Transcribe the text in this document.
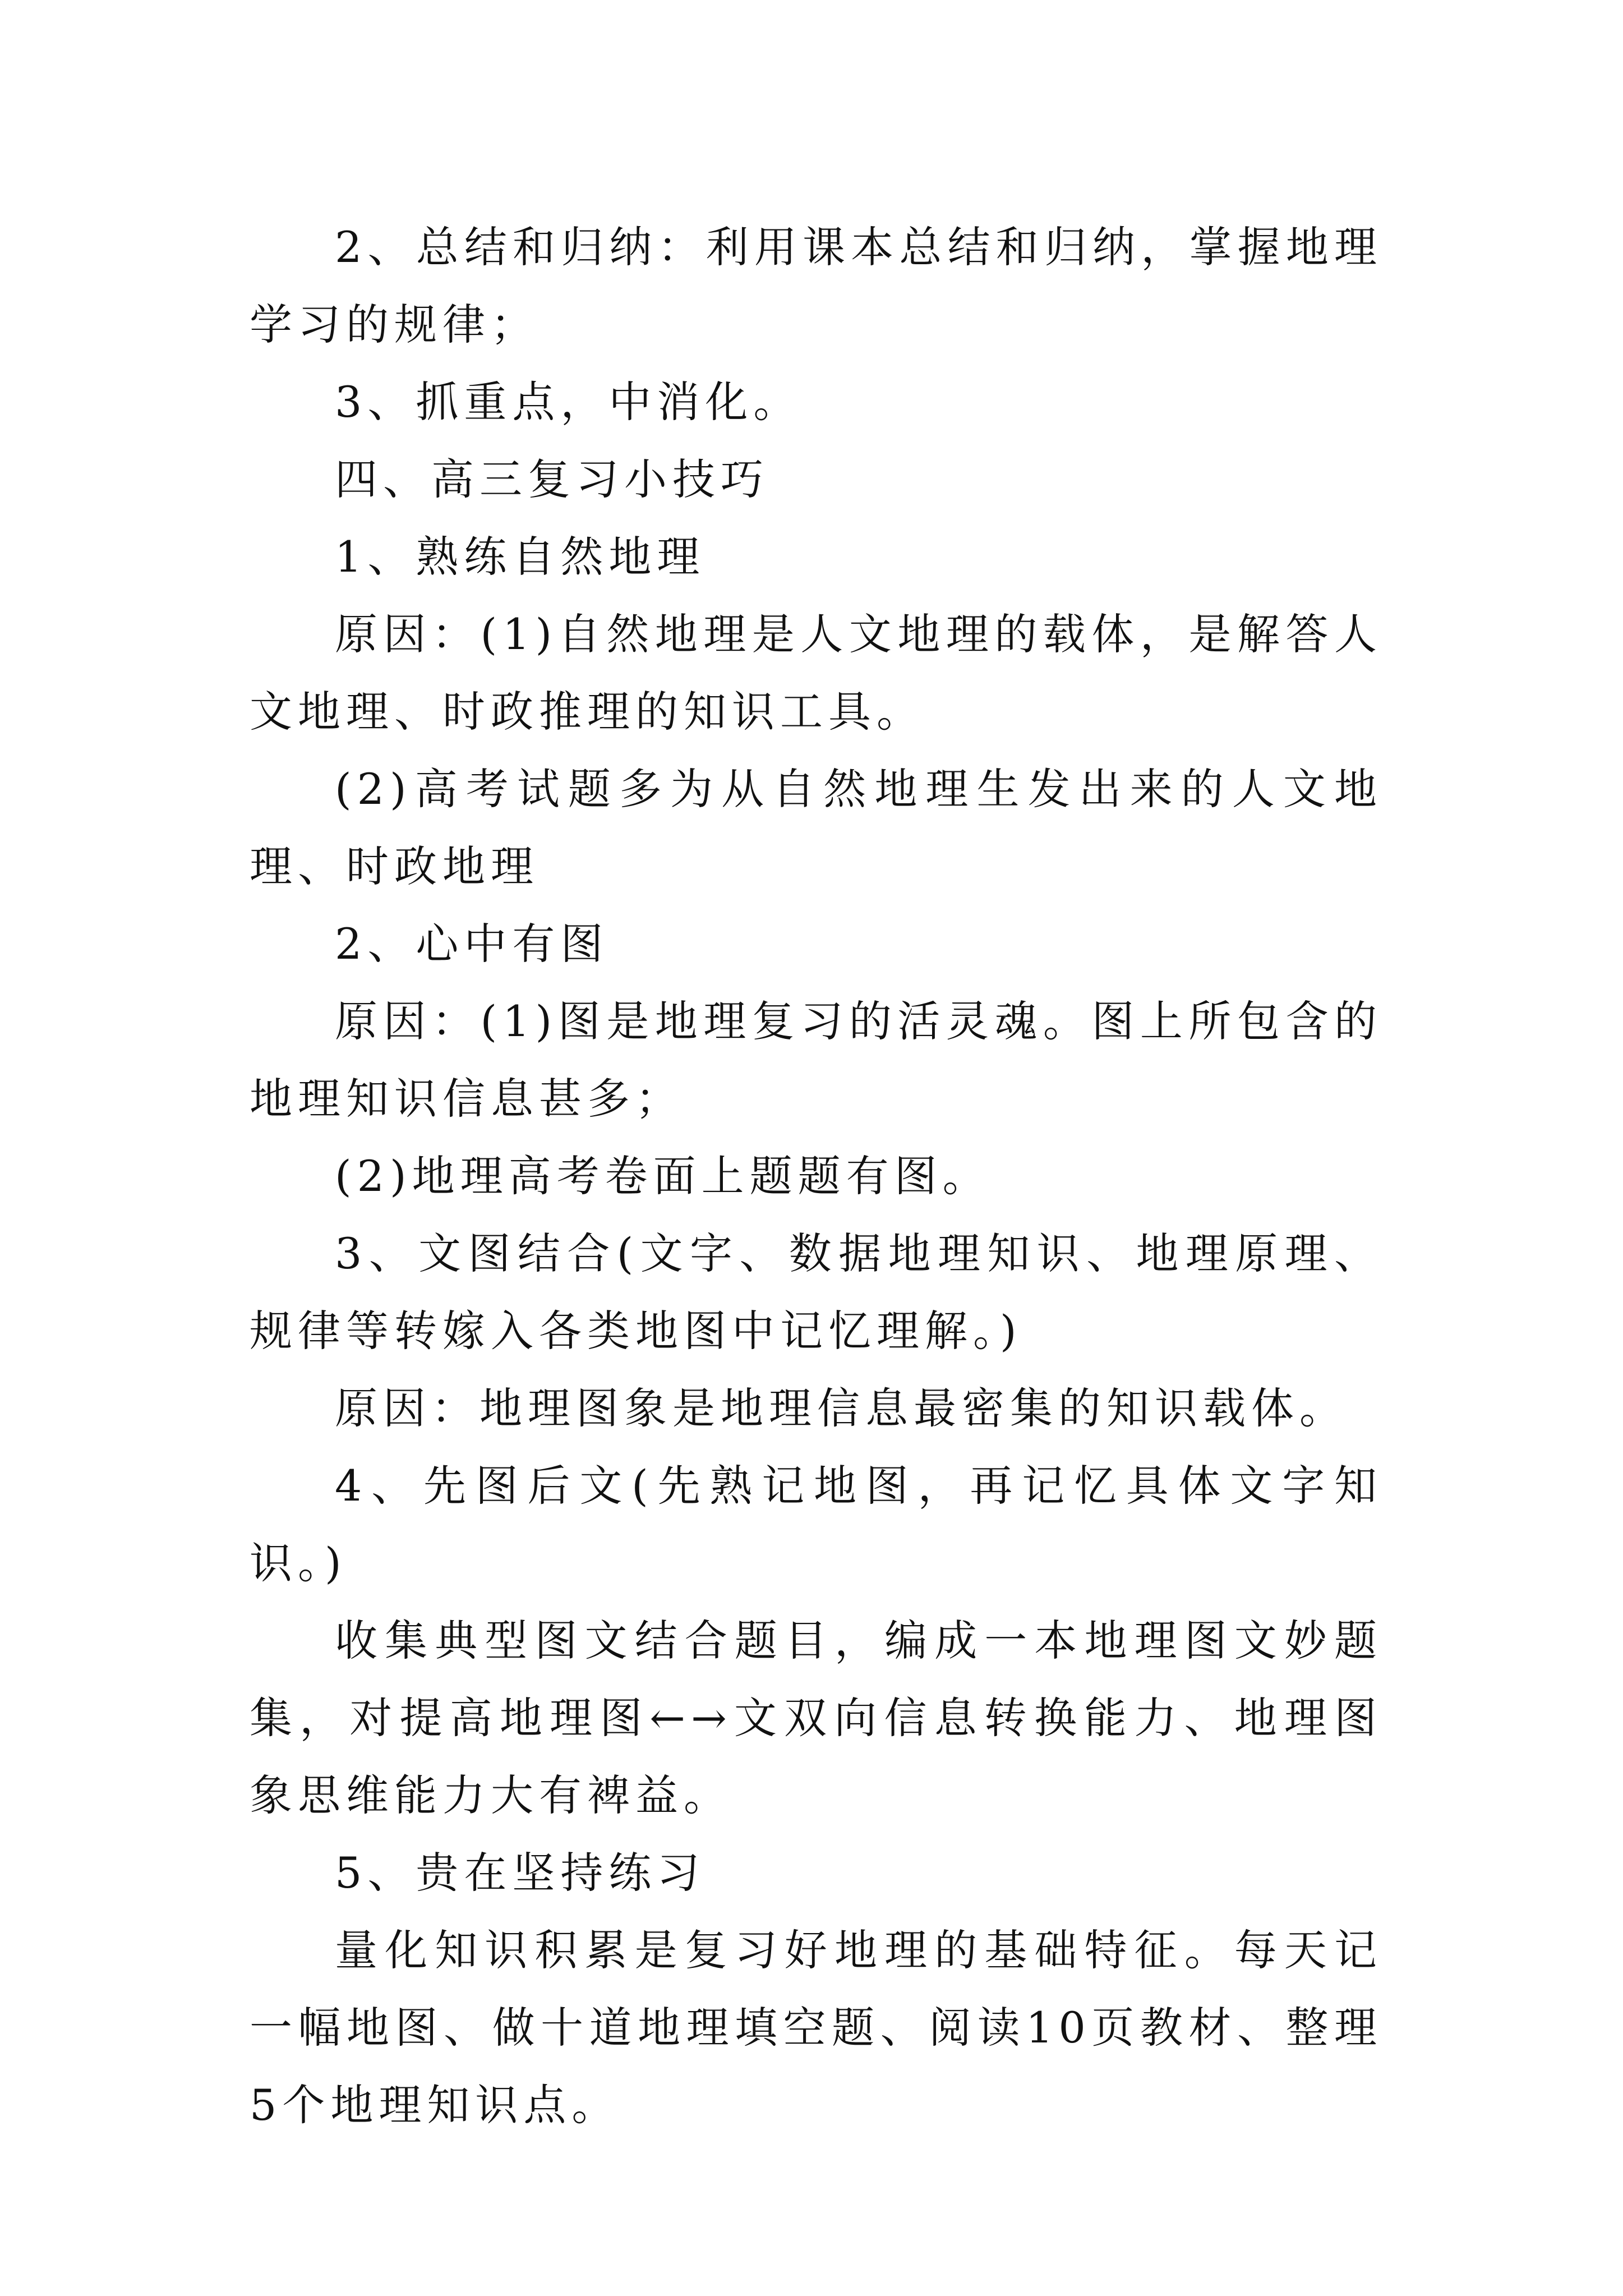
2、总结和归纳：利用课本总结和归纳，掌握地理学习的规律；

3、抓重点，中消化。

四、高三复习小技巧

1、熟练自然地理

原因：(1)自然地理是人文地理的载体，是解答人文地理、时政推理的知识工具。

(2)高考试题多为从自然地理生发出来的人文地理、时政地理

2、心中有图

原因：(1)图是地理复习的活灵魂。图上所包含的地理知识信息甚多；

(2)地理高考卷面上题题有图。

3、文图结合(文字、数据地理知识、地理原理、规律等转嫁入各类地图中记忆理解。)

原因：地理图象是地理信息最密集的知识载体。

4、先图后文(先熟记地图，再记忆具体文字知识。)

收集典型图文结合题目，编成一本地理图文妙题集，对提高地理图←→文双向信息转换能力、地理图象思维能力大有裨益。

5、贵在坚持练习

量化知识积累是复习好地理的基础特征。每天记一幅地图、做十道地理填空题、阅读10页教材、整理5个地理知识点。
